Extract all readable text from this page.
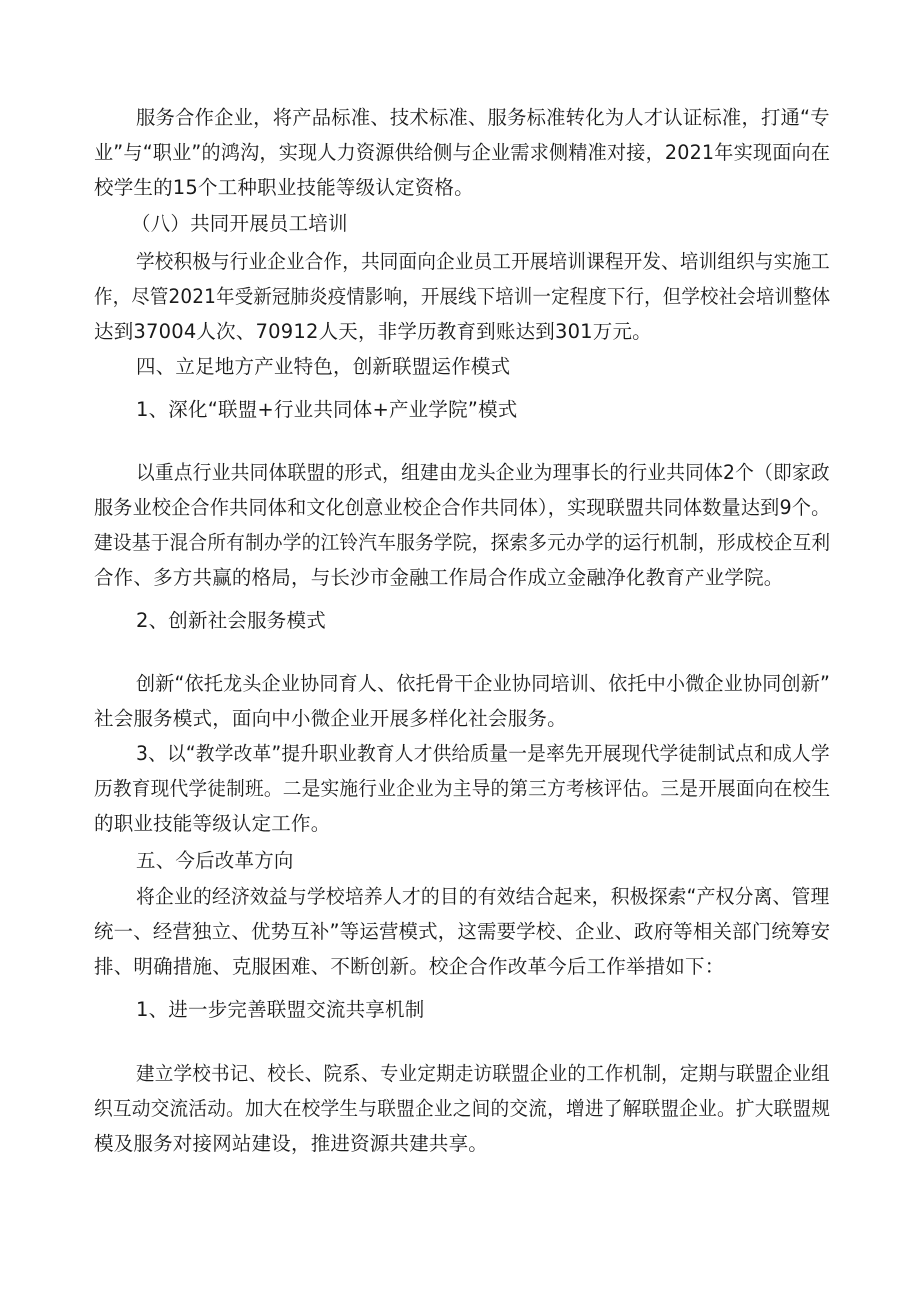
服务合作企业，将产品标准、技术标准、服务标准转化为人才认证标准，打通“专
业”与“职业”的鸿沟，实现人力资源供给侧与企业需求侧精准对接，2021年实现面向在
校学生的15个工种职业技能等级认定资格。
（八）共同开展员工培训
学校积极与行业企业合作，共同面向企业员工开展培训课程开发、培训组织与实施工
作，尽管2021年受新冠肺炎疫情影响，开展线下培训一定程度下行，但学校社会培训整体
达到37004人次、70912人天，非学历教育到账达到301万元。
四、立足地方产业特色，创新联盟运作模式
1、深化“联盟+行业共同体+产业学院”模式
以重点行业共同体联盟的形式，组建由龙头企业为理事长的行业共同体2个（即家政
服务业校企合作共同体和文化创意业校企合作共同体），实现联盟共同体数量达到9个。
建设基于混合所有制办学的江铃汽车服务学院，探索多元办学的运行机制，形成校企互利
合作、多方共赢的格局，与长沙市金融工作局合作成立金融净化教育产业学院。
2、创新社会服务模式
创新“依托龙头企业协同育人、依托骨干企业协同培训、依托中小微企业协同创新”
社会服务模式，面向中小微企业开展多样化社会服务。
3、以“教学改革”提升职业教育人才供给质量一是率先开展现代学徒制试点和成人学
历教育现代学徒制班。二是实施行业企业为主导的第三方考核评估。三是开展面向在校生
的职业技能等级认定工作。
五、今后改革方向
将企业的经济效益与学校培养人才的目的有效结合起来，积极探索“产权分离、管理
统一、经营独立、优势互补”等运营模式，这需要学校、企业、政府等相关部门统筹安
排、明确措施、克服困难、不断创新。校企合作改革今后工作举措如下：
1、进一步完善联盟交流共享机制
建立学校书记、校长、院系、专业定期走访联盟企业的工作机制，定期与联盟企业组
织互动交流活动。加大在校学生与联盟企业之间的交流，增进了解联盟企业。扩大联盟规
模及服务对接网站建设，推进资源共建共享。
